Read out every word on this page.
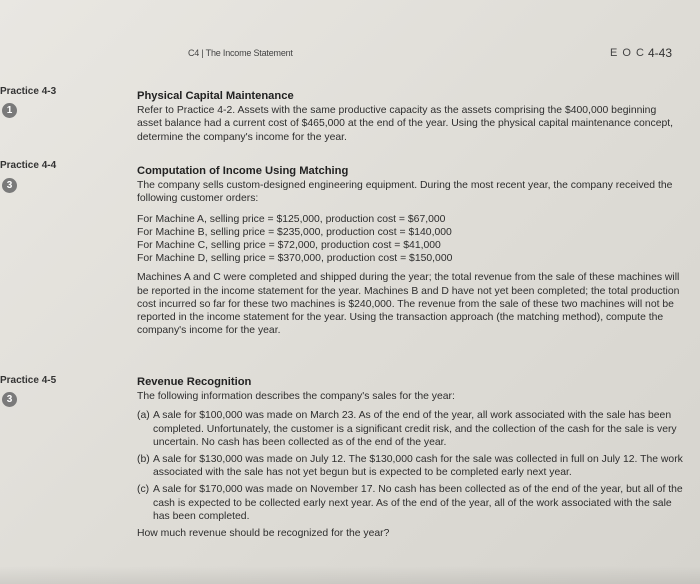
C4 | The Income Statement	E O C 4-43
Practice 4-3
1
Physical Capital Maintenance

Refer to Practice 4-2. Assets with the same productive capacity as the assets comprising the $400,000 beginning asset balance had a current cost of $465,000 at the end of the year. Using the physical capital maintenance concept, determine the company's income for the year.

Practice 4-4
3
Computation of Income Using Matching

The company sells custom-designed engineering equipment. During the most recent year, the company received the following customer orders:

For Machine A, selling price = $125,000, production cost = $67,000
For Machine B, selling price = $235,000, production cost = $140,000
For Machine C, selling price = $72,000, production cost = $41,000
For Machine D, selling price = $370,000, production cost = $150,000

Machines A and C were completed and shipped during the year; the total revenue from the sale of these machines will be reported in the income statement for the year. Machines B and D have not yet been completed; the total production cost incurred so far for these two machines is $240,000. The revenue from the sale of these two machines will not be reported in the income statement for the year. Using the transaction approach (the matching method), compute the company's income for the year.

Practice 4-5
3
Revenue Recognition

The following information describes the company's sales for the year:

(a) A sale for $100,000 was made on March 23. As of the end of the year, all work associated with the sale has been completed. Unfortunately, the customer is a significant credit risk, and the collection of the cash for the sale is very uncertain. No cash has been collected as of the end of the year.
(b) A sale for $130,000 was made on July 12. The $130,000 cash for the sale was collected in full on July 12. The work associated with the sale has not yet begun but is expected to be completed early next year.
(c) A sale for $170,000 was made on November 17. No cash has been collected as of the end of the year, but all of the cash is expected to be collected early next year. As of the end of the year, all of the work associated with the sale has been completed.

How much revenue should be recognized for the year?
